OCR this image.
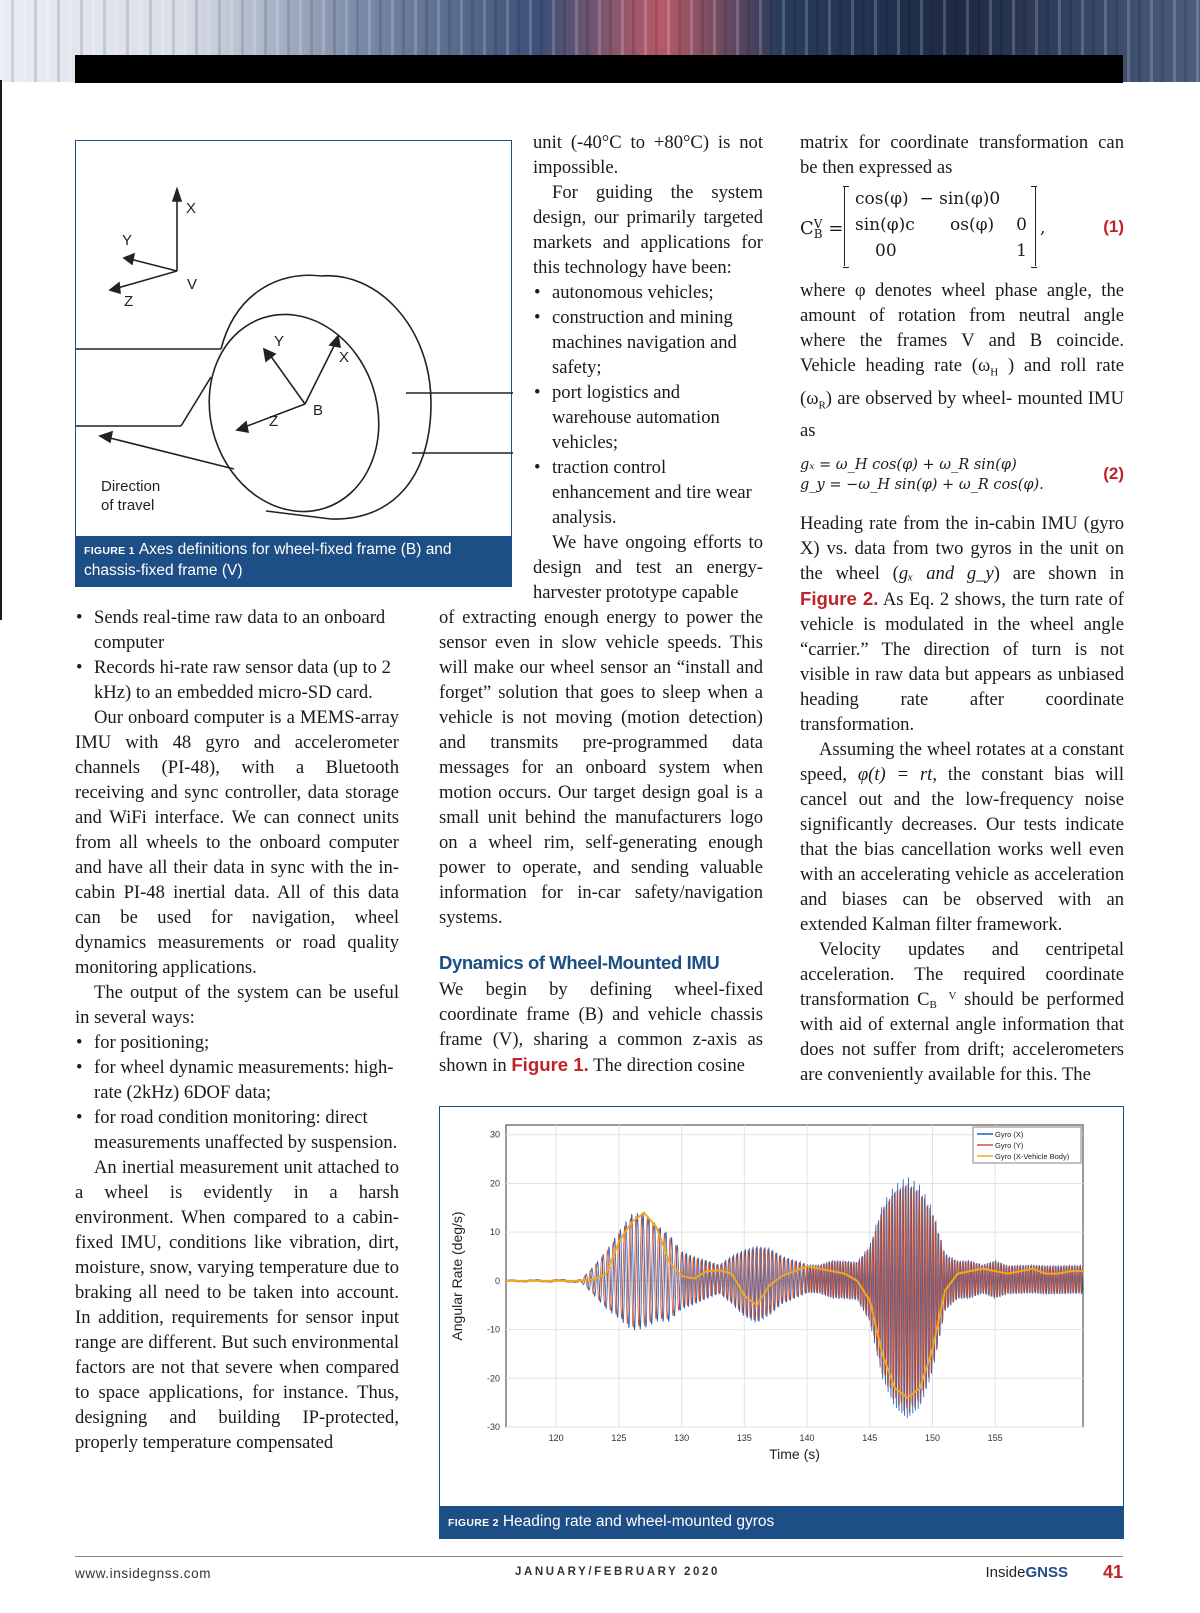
X
Y
Z
V
Y
X
Z
B
Direction
of travel
FIGURE 1 Axes definitions for wheel-fixed frame (B) and chassis-fixed frame (V)

unit (-40°C to +80°C) is not impossible.

For guiding the system design, our primarily targeted markets and applications for this technology have been:

• autonomous vehicles;
• construction and mining machines navigation and safety;
• port logistics and warehouse automation vehicles;
• traction control enhancement and tire wear analysis.

We have ongoing efforts to design and test an energy-harvester prototype capable

• Sends real-time raw data to an onboard computer
• Records hi-rate raw sensor data (up to 2 kHz) to an embedded micro-SD card.

Our onboard computer is a MEMS-array IMU with 48 gyro and accelerometer channels (PI-48), with a Bluetooth receiving and sync controller, data storage and WiFi interface. We can connect units from all wheels to the onboard computer and have all their data in sync with the in-cabin PI-48 inertial data. All of this data can be used for navigation, wheel dynamics measurements or road quality monitoring applications.

The output of the system can be useful in several ways:

• for positioning;
• for wheel dynamic measurements: high-rate (2kHz) 6DOF data;
• for road condition monitoring: direct measurements unaffected by suspension.

An inertial measurement unit attached to a wheel is evidently in a harsh environment. When compared to a cabin-fixed IMU, conditions like vibration, dirt, moisture, snow, varying temperature due to braking all need to be taken into account. In addition, requirements for sensor input range are different. But such environmental factors are not that severe when compared to space applications, for instance. Thus, designing and building IP-protected, properly temperature compensated

of extracting enough energy to power the sensor even in slow vehicle speeds. This will make our wheel sensor an “install and forget” solution that goes to sleep when a vehicle is not moving (motion detection) and transmits pre-programmed data messages for an onboard system when motion occurs. Our target design goal is a small unit behind the manufacturers logo on a wheel rim, self-generating enough power to operate, and sending valuable information for in-car safety/navigation systems.

Dynamics of Wheel-Mounted IMU

We begin by defining wheel-fixed coordinate frame (B) and vehicle chassis frame (V), sharing a common z-axis as shown in Figure 1. The direction cosine

matrix for coordinate transformation can be then expressed as

CV
B =
cos(φ) − sin(φ)0
sin(φ)c os(φ) 0
00	1
,	(1)

where φ denotes wheel phase angle, the amount of rotation from neutral angle where the frames V and B coincide. Vehicle heading rate ($\omega_H$ ) and roll rate $(\omega_R)$ are observed by wheel- mounted IMU as

gₓ = ω_H cos(φ) + ω_R sin(φ)
g_y = −ω_H sin(φ) + ω_R cos(φ).
(2)

Heading rate from the in-cabin IMU (gyro X) vs. data from two gyros in the unit on the wheel (gₓ and g_y) are shown in Figure 2. As Eq. 2 shows, the turn rate of vehicle is modulated in the wheel angle “carrier.” The direction of turn is not visible in raw data but appears as unbiased heading rate after coordinate transformation.

Assuming the wheel rotates at a constant speed, φ(t) = rt, the constant bias will cancel out and the low-frequency noise significantly decreases. Our tests indicate that the bias cancellation works well even with an accelerating vehicle as acceleration and biases can be observed with an extended Kalman filter framework.

Velocity updates and centripetal acceleration. The required coordinate transformation C V
B should be performed with aid of external angle information that does not suffer from drift; accelerometers are conveniently available for this. The

120	125	130	135	140	145	150	155
30
20
10
0
-10
-20
-30
Time (s)
Angular Rate (deg/s)
Gyro (X)
Gyro (Y)
Gyro (X-Vehicle Body)
FIGURE 2 Heading rate and wheel-mounted gyros
www.insidegnss.com	JANUARY/FEBRUARY 2020	InsideGNSS 41
